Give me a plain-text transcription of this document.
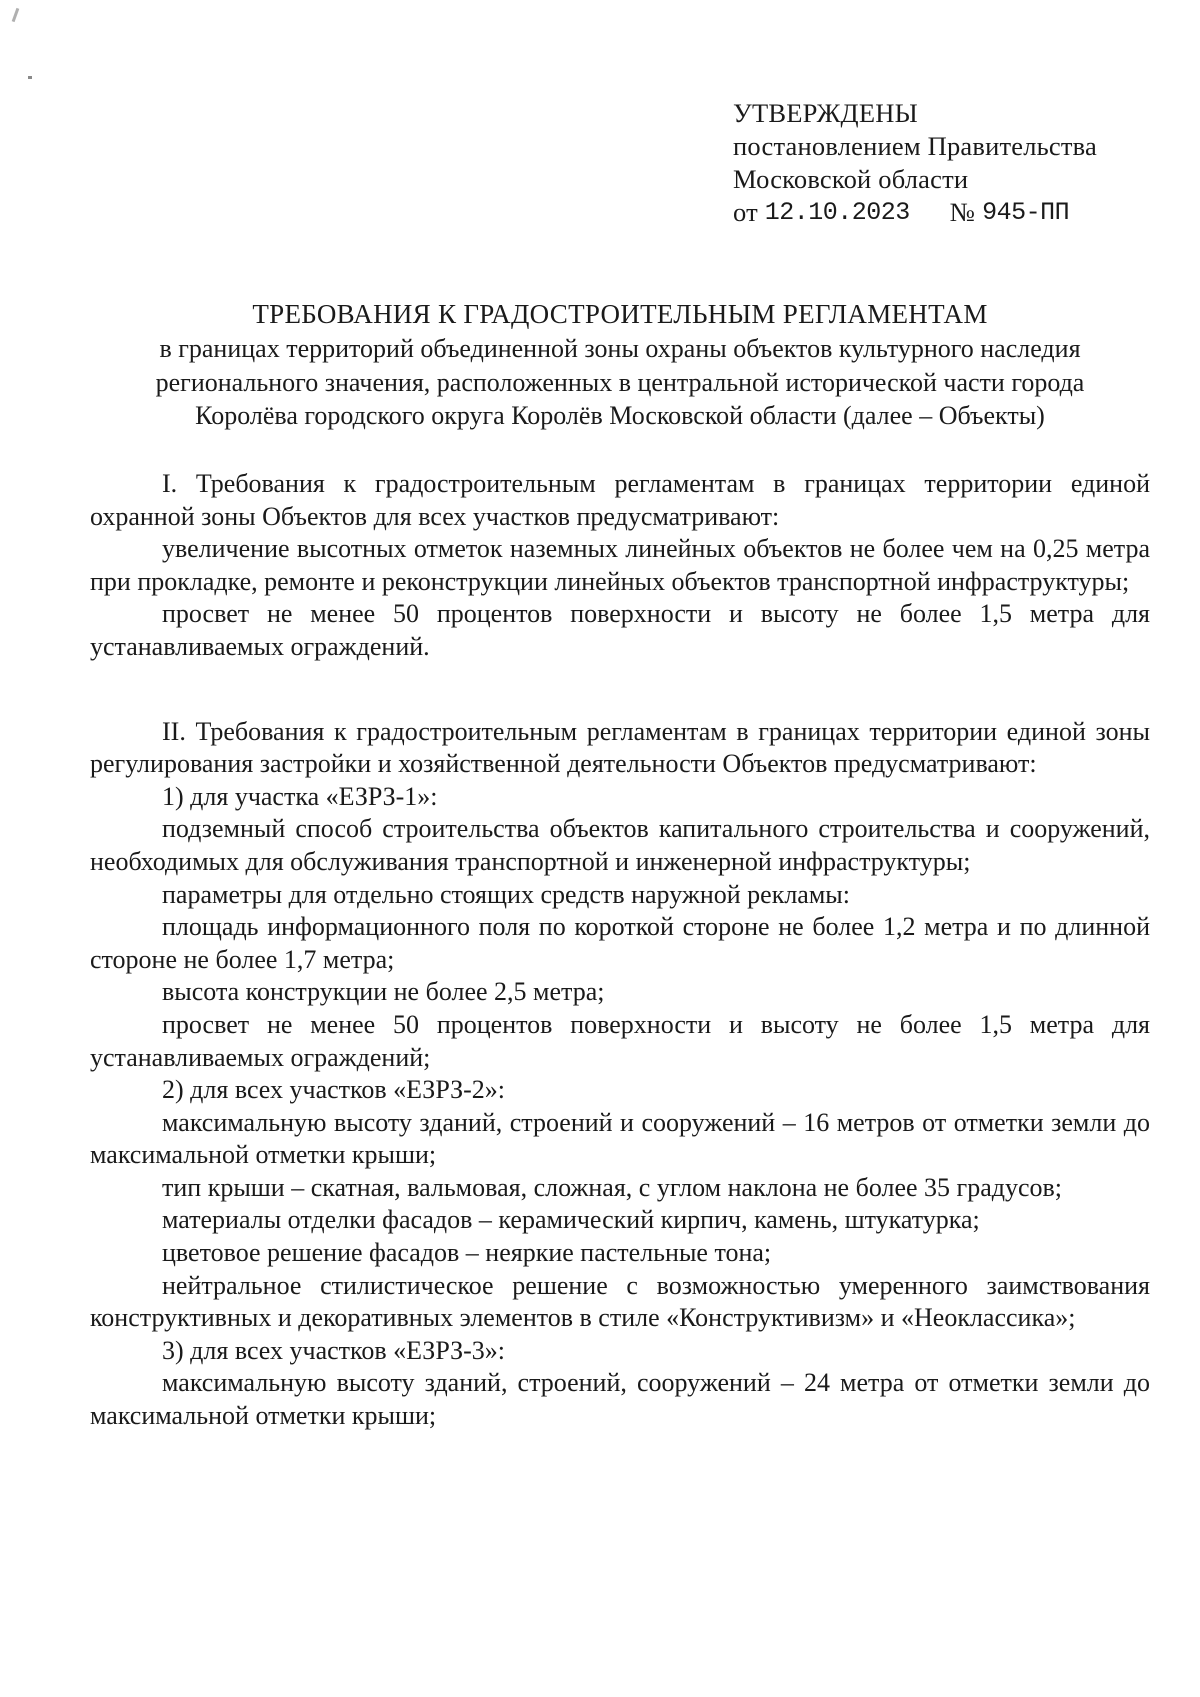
УТВЕРЖДЕНЫ
постановлением Правительства
Московской области
от
12.10.2023 №
945-ПП
ТРЕБОВАНИЯ К ГРАДОСТРОИТЕЛЬНЫМ РЕГЛАМЕНТАМ
в границах территорий объединенной зоны охраны объектов культурного наследия
регионального значения, расположенных в центральной исторической части города
Королёва городского округа Королёв Московской области (далее – Объекты)

I. Требования к градостроительным регламентам в границах территории единой охранной зоны Объектов для всех участков предусматривают:

увеличение высотных отметок наземных линейных объектов не более чем на 0,25 метра при прокладке, ремонте и реконструкции линейных объектов транспортной инфраструктуры;

просвет не менее 50 процентов поверхности и высоту не более 1,5 метра для устанавливаемых ограждений.

II. Требования к градостроительным регламентам в границах территории единой зоны регулирования застройки и хозяйственной деятельности Объектов предусматривают:

1) для участка «ЕЗРЗ-1»:

подземный способ строительства объектов капитального строительства и сооружений, необходимых для обслуживания транспортной и инженерной инфраструктуры;

параметры для отдельно стоящих средств наружной рекламы:

площадь информационного поля по короткой стороне не более 1,2 метра и по длинной стороне не более 1,7 метра;

высота конструкции не более 2,5 метра;

просвет не менее 50 процентов поверхности и высоту не более 1,5 метра для устанавливаемых ограждений;

2) для всех участков «ЕЗРЗ-2»:

максимальную высоту зданий, строений и сооружений – 16 метров от отметки земли до максимальной отметки крыши;

тип крыши – скатная, вальмовая, сложная, с углом наклона не более 35 градусов;

материалы отделки фасадов – керамический кирпич, камень, штукатурка;

цветовое решение фасадов – неяркие пастельные тона;

нейтральное стилистическое решение с возможностью умеренного заимствования конструктивных и декоративных элементов в стиле «Конструктивизм» и «Неоклассика»;

3) для всех участков «ЕЗРЗ-3»:

максимальную высоту зданий, строений, сооружений – 24 метра от отметки земли до максимальной отметки крыши;
